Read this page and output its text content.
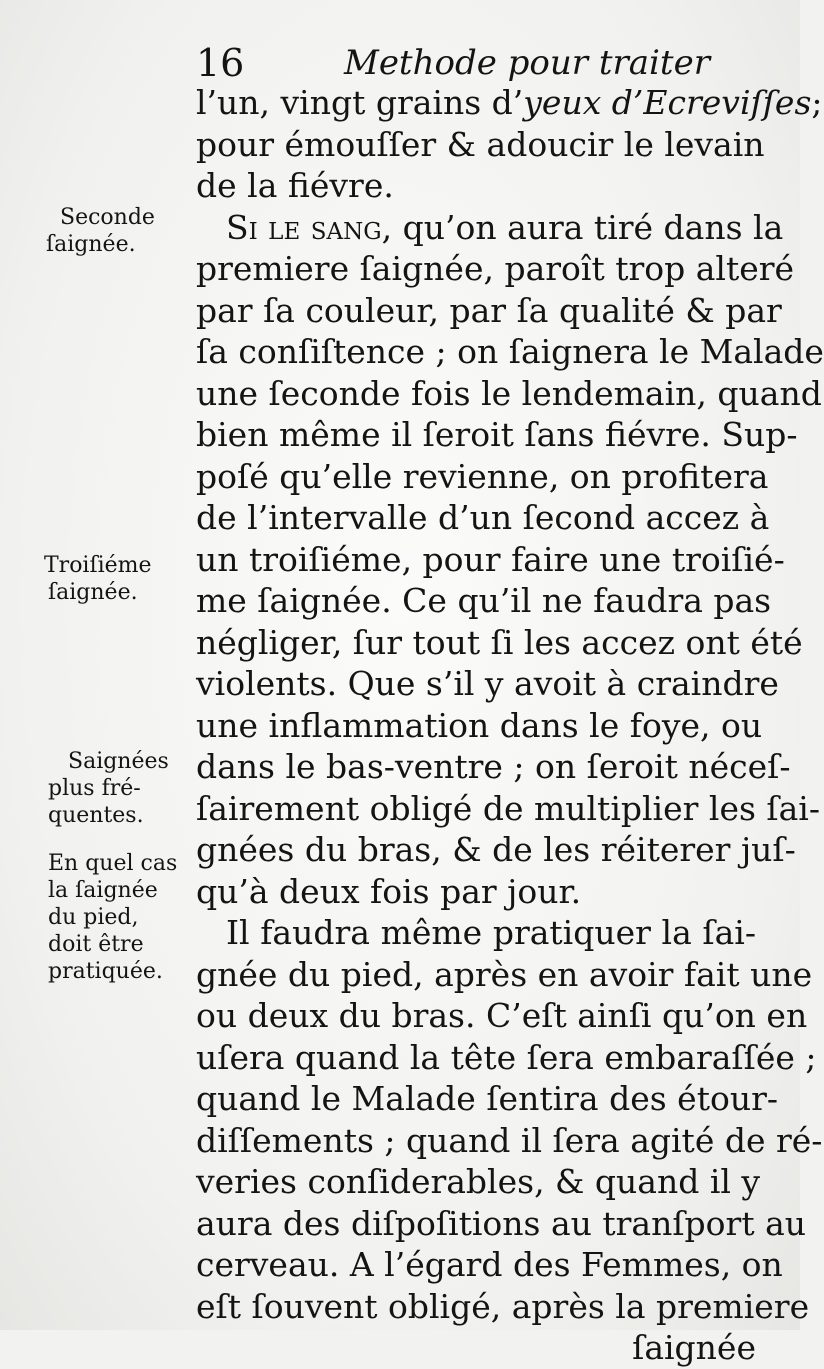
16	Methode pour traiter
l’un, vingt grains d’yeux d’Ecreviſſes;
pour émouſſer & adoucir le levain
de la fiévre.
Si le sang, qu’on aura tiré dans la
premiere ſaignée, paroît trop alteré
par ſa couleur, par ſa qualité & par
ſa conſiſtence ; on ſaignera le Malade
une ſeconde fois le lendemain, quand
bien même il ſeroit ſans fiévre. Sup-
poſé qu’elle revienne, on profitera
de l’intervalle d’un ſecond accez à
un troiſiéme, pour faire une troiſié-
me ſaignée. Ce qu’il ne faudra pas
négliger, ſur tout ſi les accez ont été
violents. Que s’il y avoit à craindre
une inflammation dans le foye, ou
dans le bas-ventre ; on ſeroit néceſ-
ſairement obligé de multiplier les ſai-
gnées du bras, & de les réiterer juſ-
qu’à deux fois par jour.
Il faudra même pratiquer la ſai-
gnée du pied, après en avoir fait une
ou deux du bras. C’eſt ainſi qu’on en
uſera quand la tête ſera embaraſſée ;
quand le Malade ſentira des étour-
diſſements ; quand il ſera agité de ré-
veries conſiderables, & quand il y
aura des diſpoſitions au tranſport au
cerveau. A l’égard des Femmes, on
eſt ſouvent obligé, après la premiere
ſaignée
Seconde
ſaignée.
Troiſiéme
ſaignée.
Saignées
plus fré-
quentes.
En quel cas
la ſaignée
du pied,
doit être
pratiquée.
